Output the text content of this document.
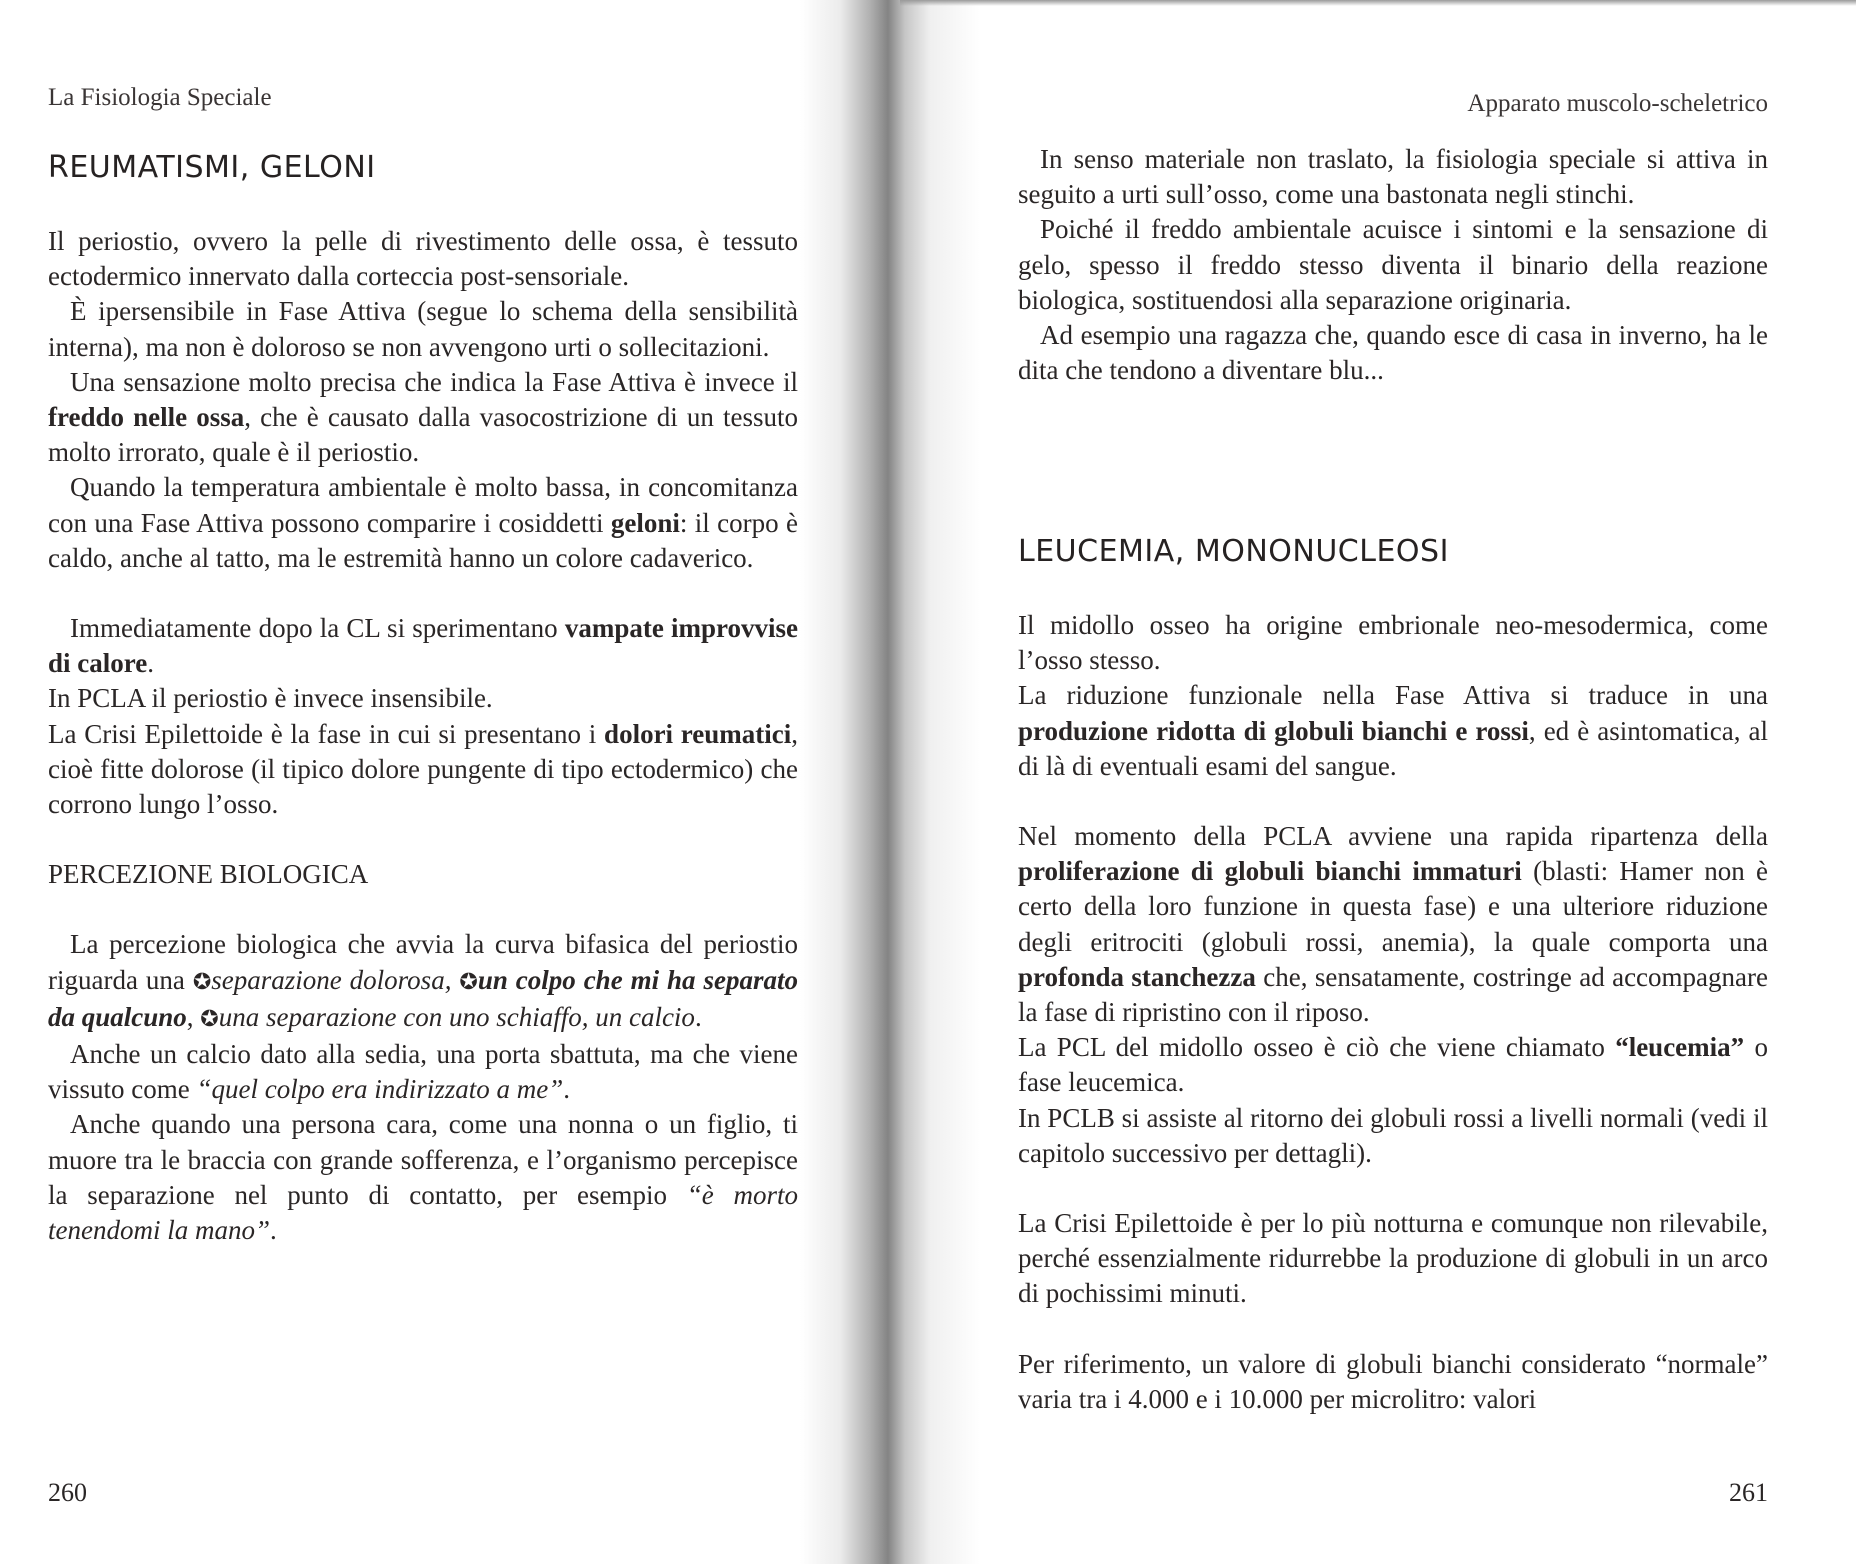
La Fisiologia Speciale
REUMATISMI, GELONI

Il periostio, ovvero la pelle di rivestimento delle ossa, è tessuto ectodermico innervato dalla corteccia post-sensoriale.

È ipersensibile in Fase Attiva (segue lo schema della sensibilità interna), ma non è doloroso se non avvengono urti o sollecitazioni.

Una sensazione molto precisa che indica la Fase Attiva è invece il freddo nelle ossa, che è causato dalla vasocostrizione di un tessuto molto irrorato, quale è il periostio.

Quando la temperatura ambientale è molto bassa, in concomitanza con una Fase Attiva possono comparire i cosiddetti geloni: il corpo è caldo, anche al tatto, ma le estremità hanno un colore cadaverico.

Immediatamente dopo la CL si sperimentano vampate improvvise di calore.

In PCLA il periostio è invece insensibile.

La Crisi Epilettoide è la fase in cui si presentano i dolori reumatici, cioè fitte dolorose (il tipico dolore pungente di tipo ectodermico) che corrono lungo l’osso.

PERCEZIONE BIOLOGICA

La percezione biologica che avvia la curva bifasica del periostio riguarda una ✪separazione dolorosa, ✪un colpo che mi ha separato da qualcuno, ✪una separazione con uno schiaffo, un calcio.

Anche un calcio dato alla sedia, una porta sbattuta, ma che viene vissuto come “quel colpo era indirizzato a me”.

Anche quando una persona cara, come una nonna o un figlio, ti muore tra le braccia con grande sofferenza, e l’organismo percepisce la separazione nel punto di contatto, per esempio “è morto tenendomi la mano”.

260
Apparato muscolo-scheletrico

In senso materiale non traslato, la fisiologia speciale si attiva in seguito a urti sull’osso, come una bastonata negli stinchi.

Poiché il freddo ambientale acuisce i sintomi e la sensazione di gelo, spesso il freddo stesso diventa il binario della reazione biologica, sostituendosi alla separazione originaria.

Ad esempio una ragazza che, quando esce di casa in inverno, ha le dita che tendono a diventare blu...

LEUCEMIA, MONONUCLEOSI

Il midollo osseo ha origine embrionale neo-mesodermica, come l’osso stesso.

La riduzione funzionale nella Fase Attiva si traduce in una produzione ridotta di globuli bianchi e rossi, ed è asintomatica, al di là di eventuali esami del sangue.

Nel momento della PCLA avviene una rapida ripartenza della proliferazione di globuli bianchi immaturi (blasti: Hamer non è certo della loro funzione in questa fase) e una ulteriore riduzione degli eritrociti (globuli rossi, anemia), la quale comporta una profonda stanchezza che, sensatamente, costringe ad accompagnare la fase di ripristino con il riposo.

La PCL del midollo osseo è ciò che viene chiamato “leucemia” o fase leucemica.

In PCLB si assiste al ritorno dei globuli rossi a livelli normali (vedi il capitolo successivo per dettagli).

La Crisi Epilettoide è per lo più notturna e comunque non rilevabile, perché essenzialmente ridurrebbe la produzione di globuli in un arco di pochissimi minuti.

Per riferimento, un valore di globuli bianchi considerato “normale” varia tra i 4.000 e i 10.000 per microlitro: valori

261
